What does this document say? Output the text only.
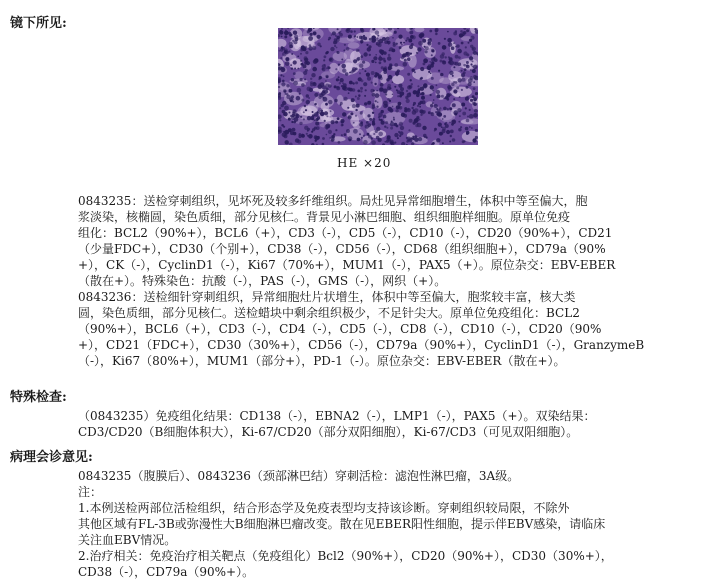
镜下所见:
HE ×20

0843235：送检穿刺组织，见坏死及较多纤维组织。局灶见异常细胞增生，体积中等至偏大，胞

浆淡染，核椭圆，染色质细，部分见核仁。背景见小淋巴细胞、组织细胞样细胞。原单位免疫

组化：BCL2（90%+），BCL6（+），CD3（-），CD5（-），CD10（-），CD20（90%+），CD21

（少量FDC+），CD30（个别+），CD38（-），CD56（-），CD68（组织细胞+），CD79a（90%

+），CK（-），CyclinD1（-），Ki67（70%+），MUM1（-），PAX5（+）。原位杂交：EBV-EBER

（散在+）。特殊染色：抗酸（-），PAS（-），GMS（-），网织（+）。

0843236：送检细针穿刺组织，异常细胞灶片状增生，体积中等至偏大，胞浆较丰富，核大类

圆，染色质细，部分见核仁。送检蜡块中剩余组织极少，不足针尖大。原单位免疫组化：BCL2

（90%+），BCL6（+），CD3（-），CD4（-），CD5（-），CD8（-），CD10（-），CD20（90%

+），CD21（FDC+），CD30（30%+），CD56（-），CD79a（90%+），CyclinD1（-），GranzymeB

（-），Ki67（80%+），MUM1（部分+），PD-1（-）。原位杂交：EBV-EBER（散在+）。

特殊检查:

（0843235）免疫组化结果：CD138（-），EBNA2（-），LMP1（-），PAX5（+）。双染结果：

CD3/CD20（B细胞体积大），Ki-67/CD20（部分双阳细胞），Ki-67/CD3（可见双阳细胞）。

病理会诊意见:

0843235（腹膜后）、0843236（颈部淋巴结）穿刺活检：滤泡性淋巴瘤，3A级。

注：

1.本例送检两部位活检组织，结合形态学及免疫表型均支持该诊断。穿刺组织较局限，不除外

其他区域有FL-3B或弥漫性大B细胞淋巴瘤改变。散在见EBER阳性细胞，提示伴EBV感染，请临床

关注血EBV情况。

2.治疗相关：免疫治疗相关靶点（免疫组化）Bcl2（90%+），CD20（90%+），CD30（30%+），

CD38（-），CD79a（90%+）。
